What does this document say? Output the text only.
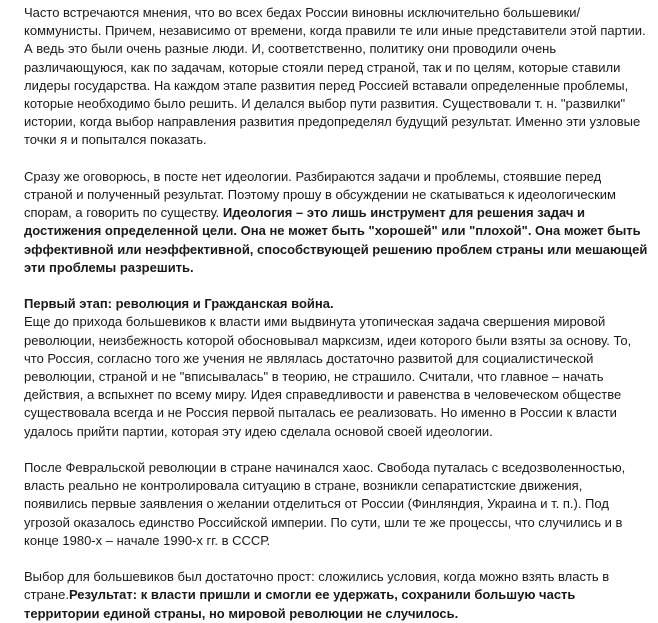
Часто встречаются мнения, что во всех бедах России виновны исключительно большевики/коммунисты. Причем, независимо от времени, когда правили те или иные представители этой партии. А ведь это были очень разные люди. И, соответственно, политику они проводили очень различающуюся, как по задачам, которые стояли перед страной, так и по целям, которые ставили лидеры государства. На каждом этапе развития перед Россией вставали определенные проблемы, которые необходимо было решить. И делался выбор пути развития. Существовали т. н. "развилки" истории, когда выбор направления развития предопределял будущий результат. Именно эти узловые точки я и попытался показать.

Сразу же оговорюсь, в посте нет идеологии. Разбираются задачи и проблемы, стоявшие перед страной и полученный результат. Поэтому прошу в обсуждении не скатываться к идеологическим спорам, а говорить по существу. Идеология – это лишь инструмент для решения задач и достижения определенной цели. Она не может быть "хорошей" или "плохой". Она может быть эффективной или неэффективной, способствующей решению проблем страны или мешающей эти проблемы разрешить.

Первый этап: революция и Гражданская война.
Еще до прихода большевиков к власти ими выдвинута утопическая задача свершения мировой революции, неизбежность которой обосновывал марксизм, идеи которого были взяты за основу. То, что Россия, согласно того же учения не являлась достаточно развитой для социалистической революции, страной и не "вписывалась" в теорию, не страшило. Считали, что главное – начать действия, а вспыхнет по всему миру. Идея справедливости и равенства в человеческом обществе существовала всегда и не Россия первой пыталась ее реализовать. Но именно в России к власти удалось прийти партии, которая эту идею сделала основой своей идеологии.

После Февральской революции в стране начинался хаос. Свобода путалась с вседозволенностью, власть реально не контролировала ситуацию в стране, возникли сепаратистские движения, появились первые заявления о желании отделиться от России (Финляндия, Украина и т. п.). Под угрозой оказалось единство Российской империи. По сути, шли те же процессы, что случились и в конце 1980-х – начале 1990-х гг. в СССР.

Выбор для большевиков был достаточно прост: сложились условия, когда можно взять власть в стране.Результат: к власти пришли и смогли ее удержать, сохранили большую часть территории единой страны, но мировой революции не случилось.
